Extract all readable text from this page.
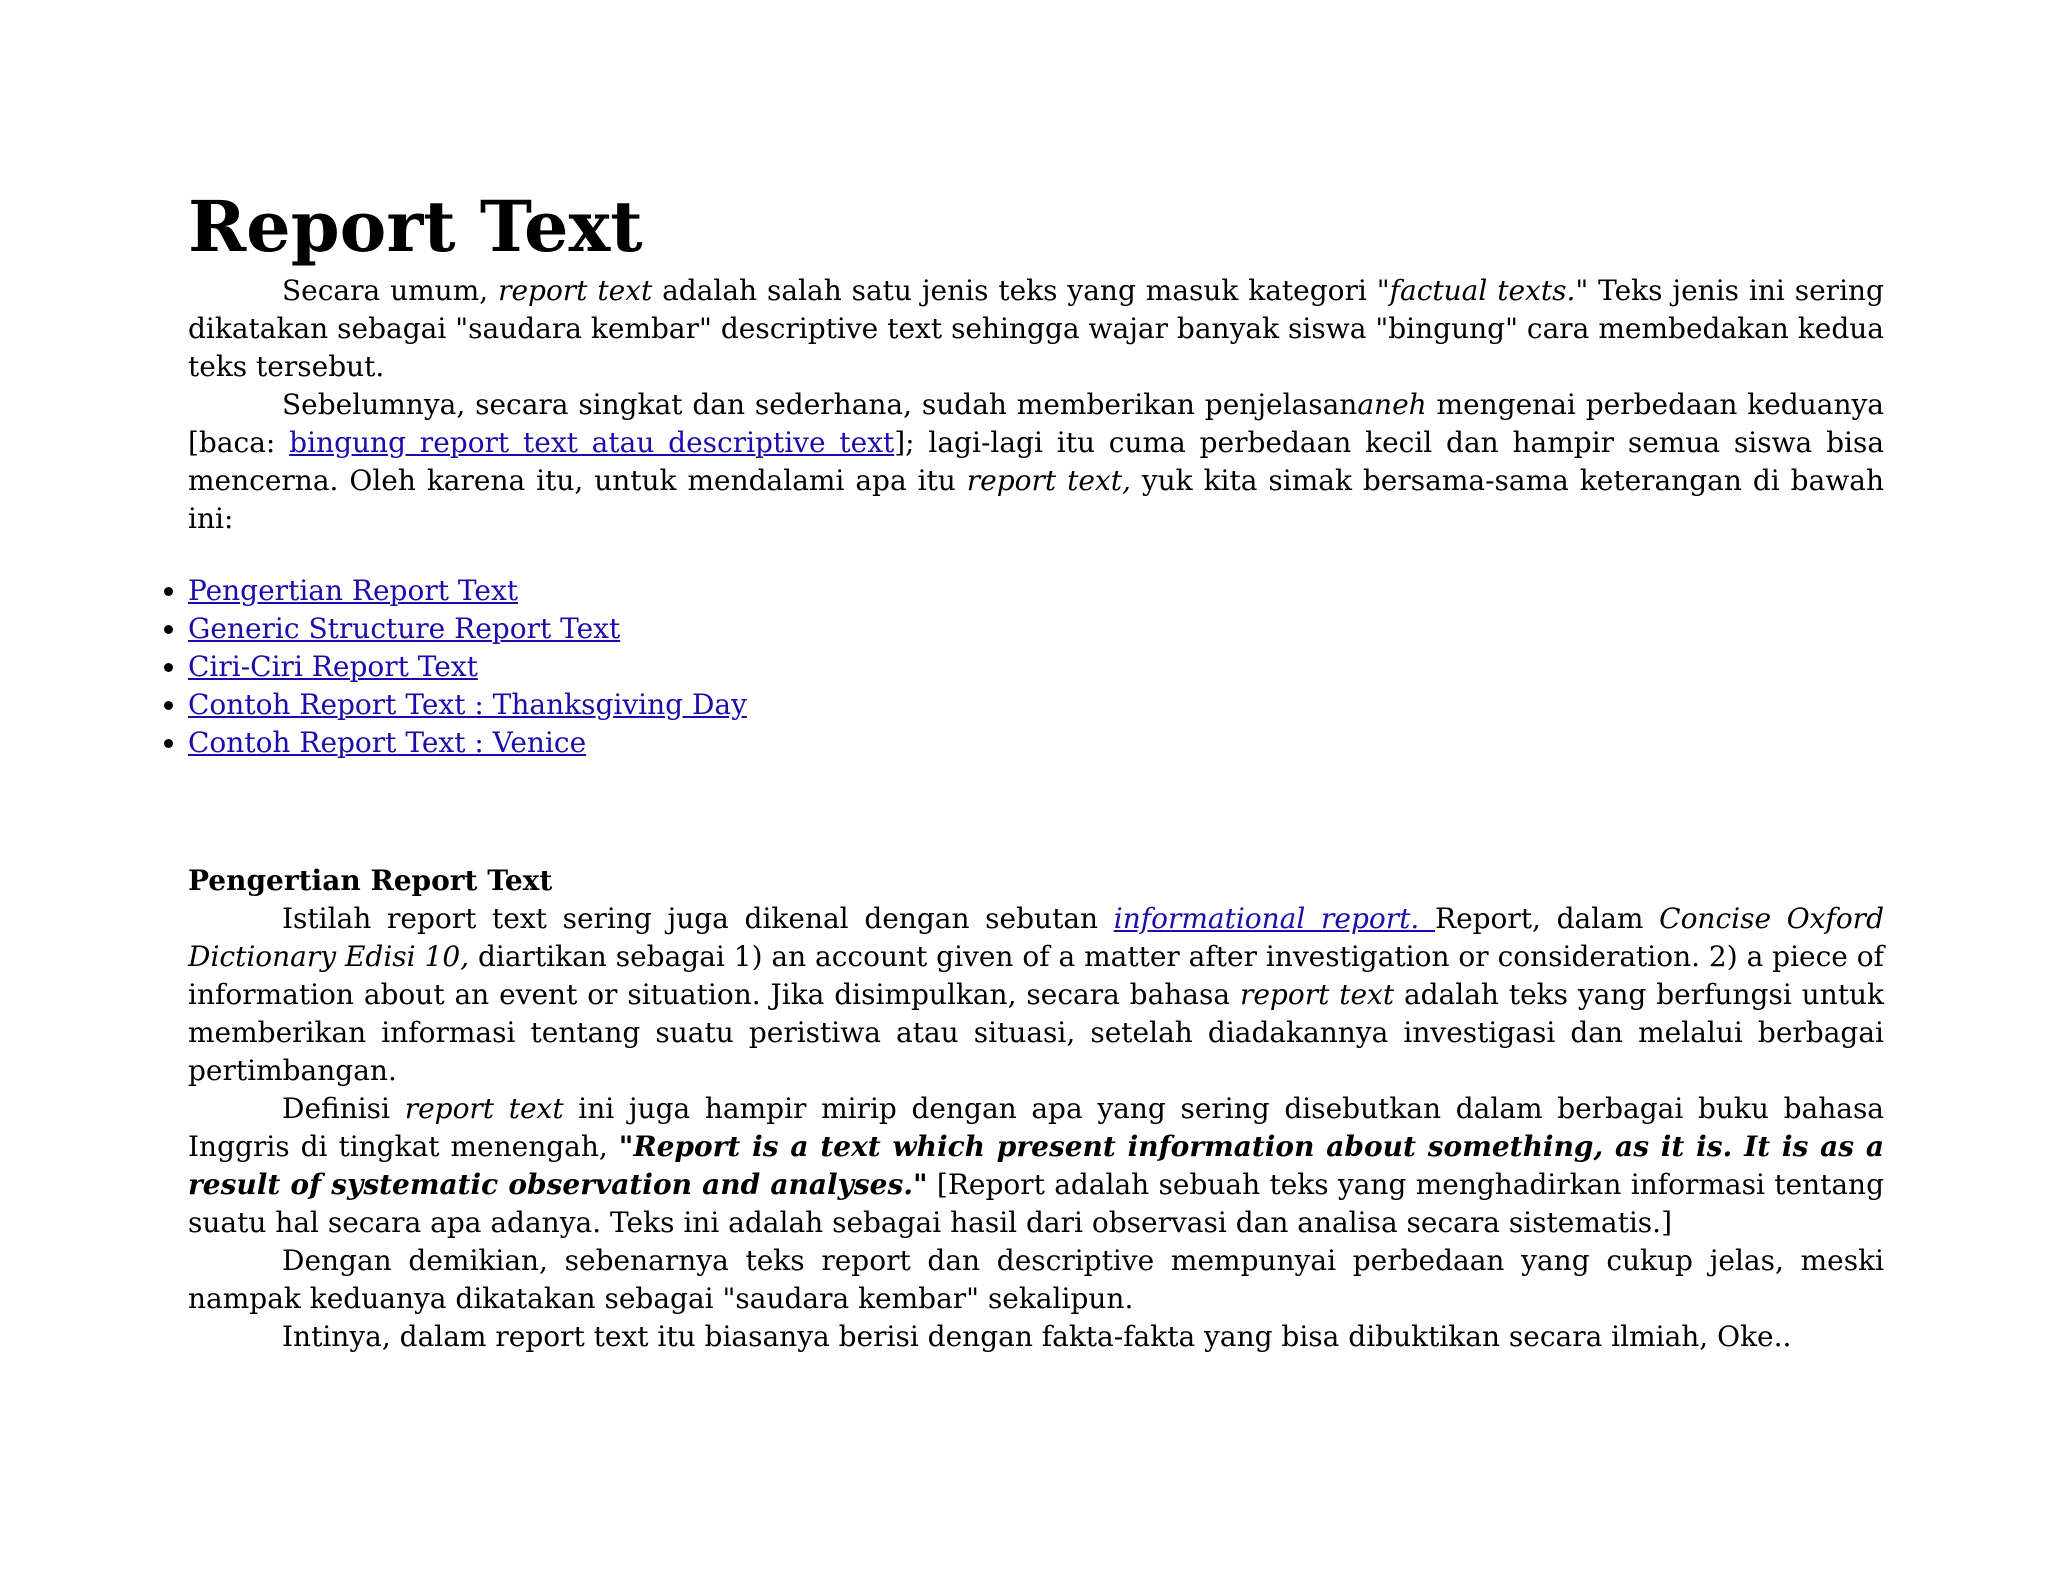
Report Text

Secara umum, report text adalah salah satu jenis teks yang masuk kategori "factual texts." Teks jenis ini sering dikatakan sebagai "saudara kembar" descriptive text sehingga wajar banyak siswa "bingung" cara membedakan kedua teks tersebut.

Sebelumnya, secara singkat dan sederhana, sudah memberikan penjelasananeh mengenai perbedaan keduanya [baca: bingung report text atau descriptive text]; lagi-lagi itu cuma perbedaan kecil dan hampir semua siswa bisa mencerna. Oleh karena itu, untuk mendalami apa itu report text, yuk kita simak bersama-sama keterangan di bawah ini:

• Pengertian Report Text
• Generic Structure Report Text
• Ciri-Ciri Report Text
• Contoh Report Text : Thanksgiving Day
• Contoh Report Text : Venice
Pengertian Report Text

Istilah report text sering juga dikenal dengan sebutan informational report. Report, dalam Concise Oxford Dictionary Edisi 10, diartikan sebagai 1) an account given of a matter after investigation or consideration. 2) a piece of information about an event or situation. Jika disimpulkan, secara bahasa report text adalah teks yang berfungsi untuk memberikan informasi tentang suatu peristiwa atau situasi, setelah diadakannya investigasi dan melalui berbagai pertimbangan.

Definisi report text ini juga hampir mirip dengan apa yang sering disebutkan dalam berbagai buku bahasa Inggris di tingkat menengah, "Report is a text which present information about something, as it is. It is as a result of systematic observation and analyses." [Report adalah sebuah teks yang menghadirkan informasi tentang suatu hal secara apa adanya. Teks ini adalah sebagai hasil dari observasi dan analisa secara sistematis.]

Dengan demikian, sebenarnya teks report dan descriptive mempunyai perbedaan yang cukup jelas, meski nampak keduanya dikatakan sebagai "saudara kembar" sekalipun.

Intinya, dalam report text itu biasanya berisi dengan fakta-fakta yang bisa dibuktikan secara ilmiah, Oke..
